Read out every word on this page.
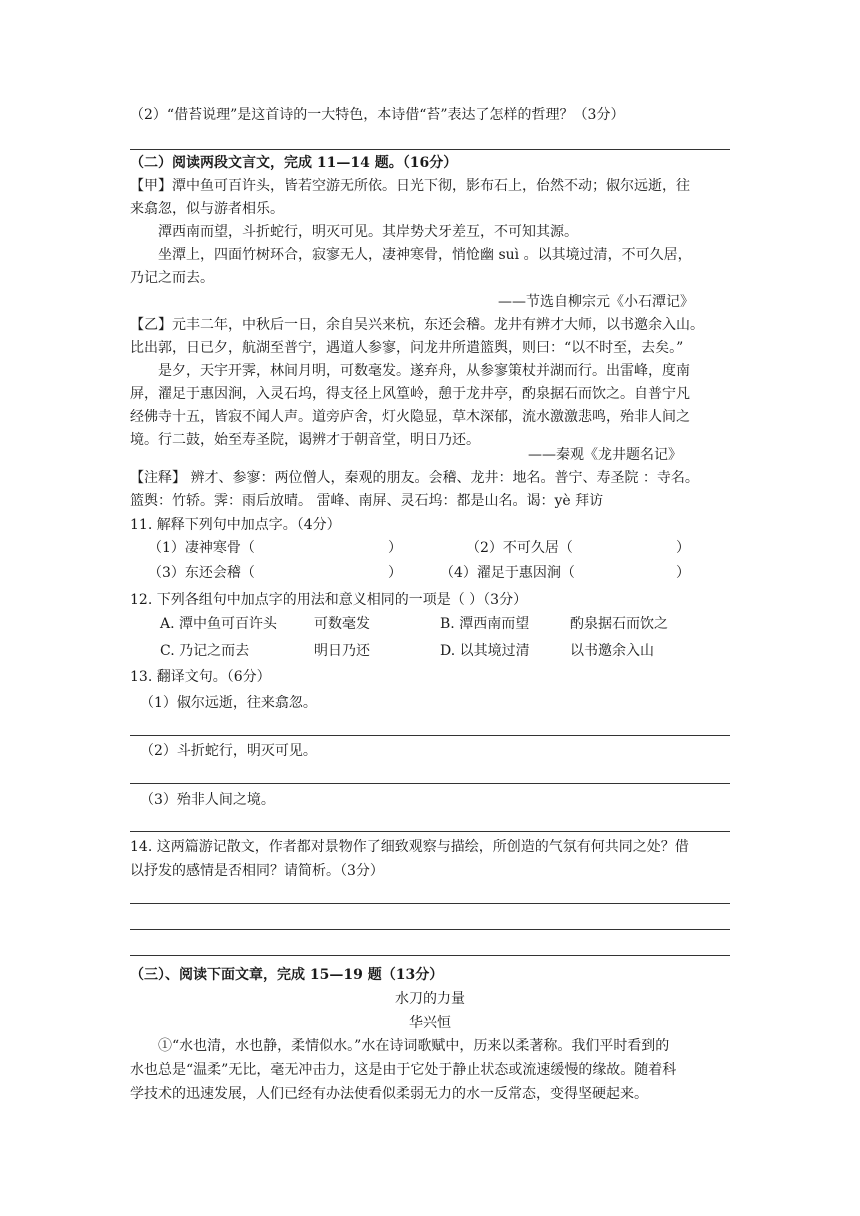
（2）“借苔说理”是这首诗的一大特色，本诗借“苔”表达了怎样的哲理？（3分）
（二）阅读两段文言文，完成 11—14 题。（16分）
【甲】潭中鱼可百许头，皆若空游无所依。日光下彻，影布石上，佁然不动；俶尔远逝，往
来翕忽，似与游者相乐。
潭西南而望，斗折蛇行，明灭可见。其岸势犬牙差互，不可知其源。
坐潭上，四面竹树环合，寂寥无人，凄神寒骨，悄怆幽 suì 。以其境过清，不可久居，
乃记之而去。
——节选自柳宗元《小石潭记》
【乙】元丰二年，中秋后一日，余自吴兴来杭，东还会稽。龙井有辨才大师，以书邀余入山。
比出郭，日已夕，航湖至普宁，遇道人参寥，问龙井所遣篮舆，则曰：“以不时至，去矣。”
是夕，天宇开霁，林间月明，可数毫发。遂弃舟，从参寥策杖并湖而行。出雷峰，度南
屏，濯足于惠因涧，入灵石坞，得支径上风篁岭，憩于龙井亭，酌泉据石而饮之。自普宁凡
经佛寺十五，皆寂不闻人声。道旁庐舍，灯火隐显，草木深郁，流水激激悲鸣，殆非人间之
境。行二鼓，始至寿圣院，谒辨才于朝音堂，明日乃还。
——秦观《龙井题名记》
【注释】 辨才、参寥：两位僧人，秦观的朋友。会稽、龙井：地名。普宁、寿圣院 ：寺名。
篮舆：竹轿。霁：雨后放晴。 雷峰、南屏、灵石坞：都是山名。谒：yè 拜访
11. 解释下列句中加点字。（4分）
（1）凄神寒骨（	）	（2）不可久居（	）
（3）东还会稽（	）	（4）濯足于惠因涧（	）
12. 下列各组句中加点字的用法和意义相同的一项是（ ）（3分）
A. 潭中鱼可百许头	可数毫发	B. 潭西南而望	酌泉据石而饮之
C. 乃记之而去	明日乃还	D. 以其境过清	以书邀余入山
13. 翻译文句。（6分）
（1）俶尔远逝，往来翕忽。
（2）斗折蛇行，明灭可见。
（3）殆非人间之境。
14. 这两篇游记散文，作者都对景物作了细致观察与描绘，所创造的气氛有何共同之处？借
以抒发的感情是否相同？请简析。（3分）
（三）、阅读下面文章，完成 15—19 题（13分）
水刀的力量
华兴恒
①“水也清，水也静，柔情似水。”水在诗词歌赋中，历来以柔著称。我们平时看到的
水也总是“温柔”无比，毫无冲击力，这是由于它处于静止状态或流速缓慢的缘故。随着科
学技术的迅速发展，人们已经有办法使看似柔弱无力的水一反常态，变得坚硬起来。
